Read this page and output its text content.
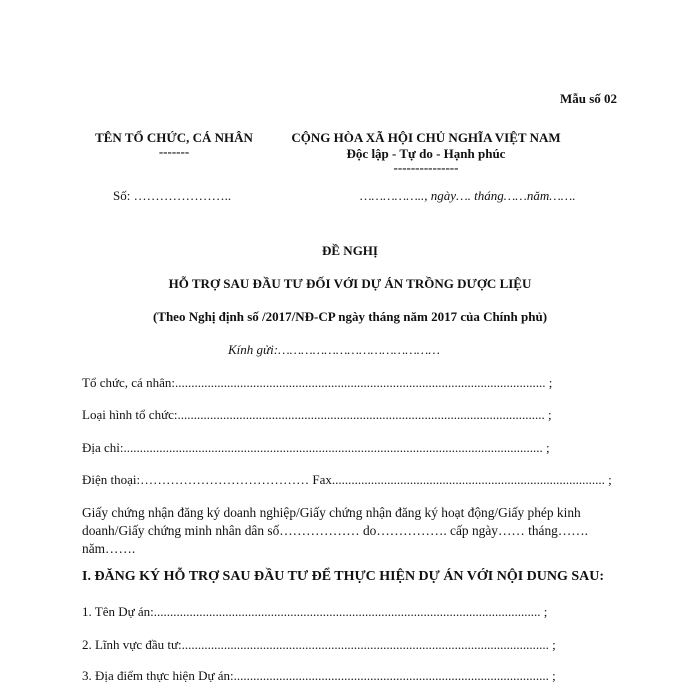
Mẫu số 02
TÊN TỔ CHỨC, CÁ NHÂN
-------
CỘNG HÒA XÃ HỘI CHỦ NGHĨA VIỆT NAM
Độc lập - Tự do - Hạnh phúc
---------------
Số: …………………..	…………….., ngày…. tháng……năm…….
ĐỀ NGHỊ
HỖ TRỢ SAU ĐẦU TƯ ĐỐI VỚI DỰ ÁN TRỒNG DƯỢC LIỆU
(Theo Nghị định số /2017/NĐ-CP ngày tháng năm 2017 của Chính phủ)
Kính gửi:……………………………………
Tổ chức, cá nhân:.................................................................................................................. ;
Loại hình tổ chức:................................................................................................................. ;
Địa chỉ:................................................................................................................................. ;
Điện thoại:………………………………… Fax.................................................................................... ;
Giấy chứng nhận đăng ký doanh nghiệp/Giấy chứng nhận đăng ký hoạt động/Giấy phép kinh doanh/Giấy chứng minh nhân dân số……………… do……………. cấp ngày…… tháng……. năm…….
I. ĐĂNG KÝ HỖ TRỢ SAU ĐẦU TƯ ĐỂ THỰC HIỆN DỰ ÁN VỚI NỘI DUNG SAU:
1. Tên Dự án:....................................................................................................................... ;
2. Lĩnh vực đầu tư:................................................................................................................. ;
3. Địa điểm thực hiện Dự án:................................................................................................. ;
